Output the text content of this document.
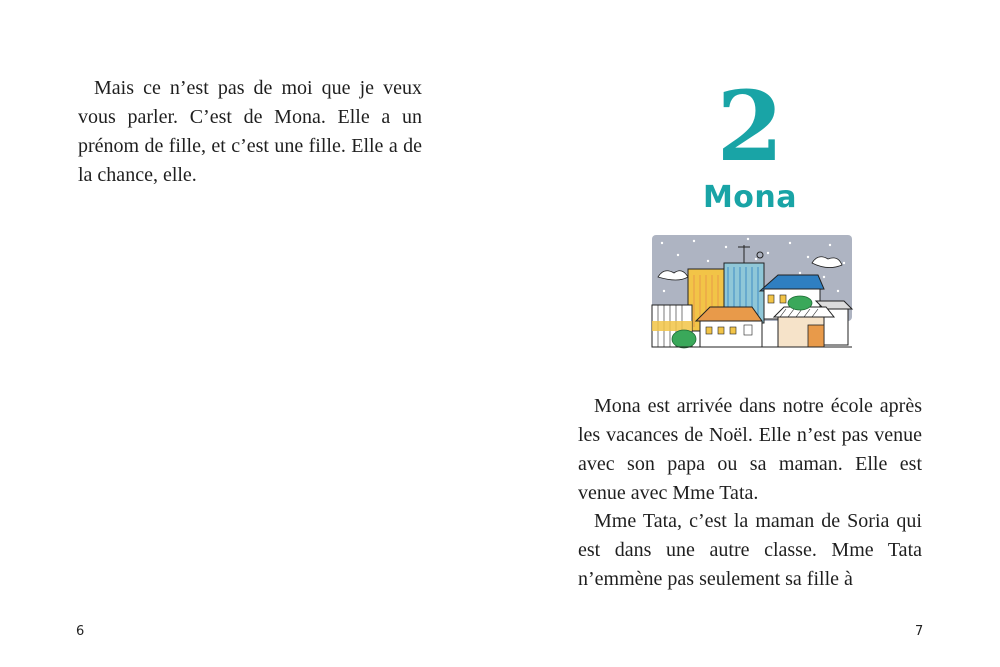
Mais ce n’est pas de moi que je veux vous parler. C’est de Mona. Elle a un prénom de fille, et c’est une fille. Elle a de la chance, elle.

6
2
Mona

Mona est arrivée dans notre école après les vacances de Noël. Elle n’est pas venue avec son papa ou sa maman. Elle est venue avec Mme Tata.

Mme Tata, c’est la maman de Soria qui est dans une autre classe. Mme Tata n’emmène pas seulement sa fille à

7
